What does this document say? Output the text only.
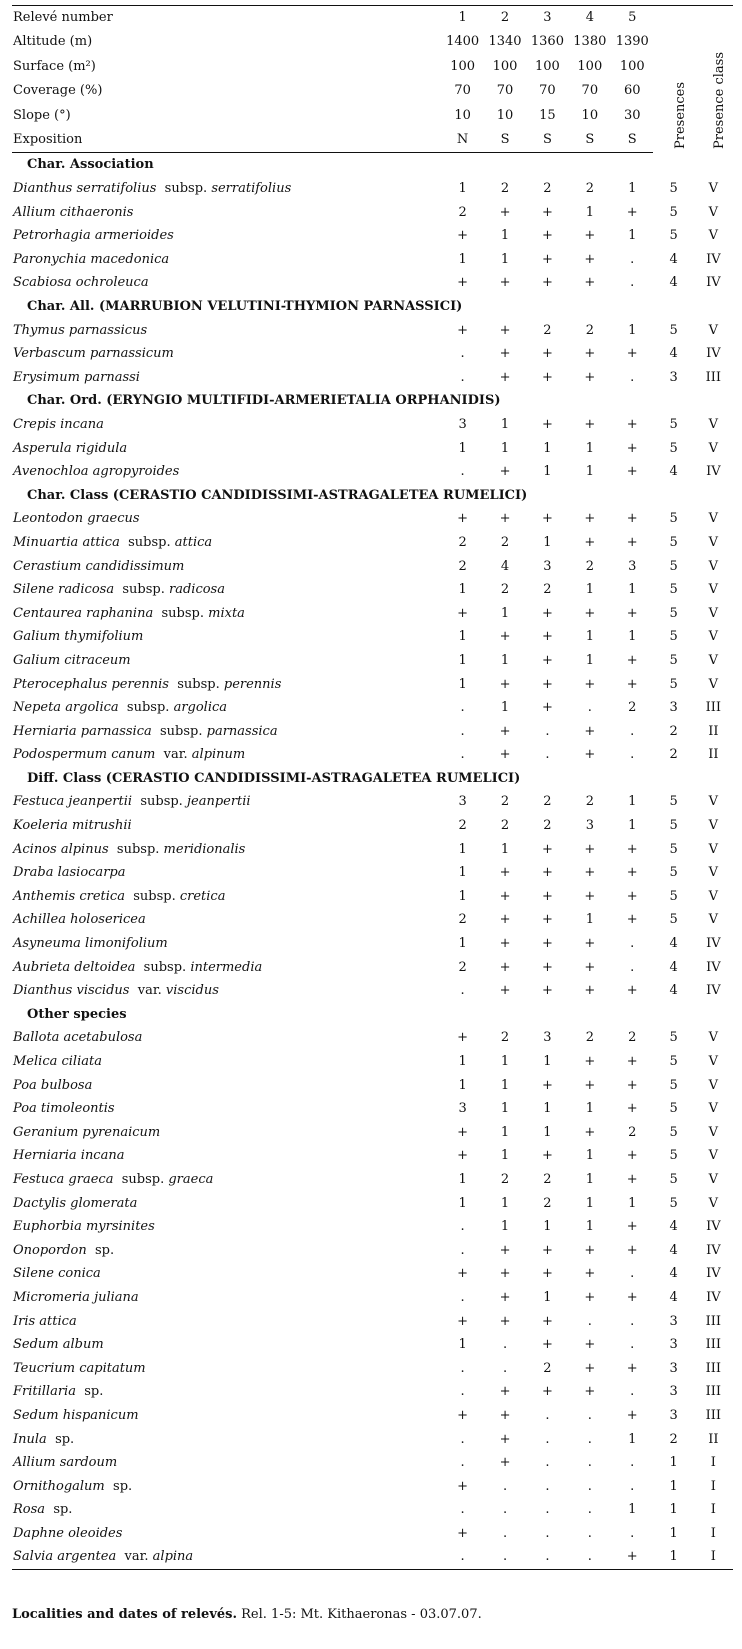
Relevé number	1	2	3	4	5	Presences	Presence class

Altitude (m)	1400	1340	1360	1380	1390		
Surface (m²)	100	100	100	100	100		
Coverage (%)	70	70	70	70	60		
Slope (°)	10	10	15	10	30		
Exposition	N	S	S	S	S		
Char. Association							
Dianthus serratifolius subsp. serratifolius	1	2	2	2	1	5	V
Allium cithaeronis	2	+	+	1	+	5	V
Petrorhagia armerioides	+	1	+	+	1	5	V
Paronychia macedonica	1	1	+	+	.	4	IV
Scabiosa ochroleuca	+	+	+	+	.	4	IV
Char. All. (MARRUBION VELUTINI-THYMION PARNASSICI)							
Thymus parnassicus	+	+	2	2	1	5	V
Verbascum parnassicum	.	+	+	+	+	4	IV
Erysimum parnassi	.	+	+	+	.	3	III
Char. Ord. (ERYNGIO MULTIFIDI-ARMERIETALIA ORPHANIDIS)							
Crepis incana	3	1	+	+	+	5	V
Asperula rigidula	1	1	1	1	+	5	V
Avenochloa agropyroides	.	+	1	1	+	4	IV
Char. Class (CERASTIO CANDIDISSIMI-ASTRAGALETEA RUMELICI)							
Leontodon graecus	+	+	+	+	+	5	V
Minuartia attica subsp. attica	2	2	1	+	+	5	V
Cerastium candidissimum	2	4	3	2	3	5	V
Silene radicosa subsp. radicosa	1	2	2	1	1	5	V
Centaurea raphanina subsp. mixta	+	1	+	+	+	5	V
Galium thymifolium	1	+	+	1	1	5	V
Galium citraceum	1	1	+	1	+	5	V
Pterocephalus perennis subsp. perennis	1	+	+	+	+	5	V
Nepeta argolica subsp. argolica	.	1	+	.	2	3	III
Herniaria parnassica subsp. parnassica	.	+	.	+	.	2	II
Podospermum canum var. alpinum	.	+	.	+	.	2	II
Diff. Class (CERASTIO CANDIDISSIMI-ASTRAGALETEA RUMELICI)							
Festuca jeanpertii subsp. jeanpertii	3	2	2	2	1	5	V
Koeleria mitrushii	2	2	2	3	1	5	V
Acinos alpinus subsp. meridionalis	1	1	+	+	+	5	V
Draba lasiocarpa	1	+	+	+	+	5	V
Anthemis cretica subsp. cretica	1	+	+	+	+	5	V
Achillea holosericea	2	+	+	1	+	5	V
Asyneuma limonifolium	1	+	+	+	.	4	IV
Aubrieta deltoidea subsp. intermedia	2	+	+	+	.	4	IV
Dianthus viscidus var. viscidus	.	+	+	+	+	4	IV
Other species							
Ballota acetabulosa	+	2	3	2	2	5	V
Melica ciliata	1	1	1	+	+	5	V
Poa bulbosa	1	1	+	+	+	5	V
Poa timoleontis	3	1	1	1	+	5	V
Geranium pyrenaicum	+	1	1	+	2	5	V
Herniaria incana	+	1	+	1	+	5	V
Festuca graeca subsp. graeca	1	2	2	1	+	5	V
Dactylis glomerata	1	1	2	1	1	5	V
Euphorbia myrsinites	.	1	1	1	+	4	IV
Onopordon sp.	.	+	+	+	+	4	IV
Silene conica	+	+	+	+	.	4	IV
Micromeria juliana	.	+	1	+	+	4	IV
Iris attica	+	+	+	.	.	3	III
Sedum album	1	.	+	+	.	3	III
Teucrium capitatum	.	.	2	+	+	3	III
Fritillaria sp.	.	+	+	+	.	3	III
Sedum hispanicum	+	+	.	.	+	3	III
Inula sp.	.	+	.	.	1	2	II
Allium sardoum	.	+	.	.	.	1	I
Ornithogalum sp.	+	.	.	.	.	1	I
Rosa sp.	.	.	.	.	1	1	I
Daphne oleoides	+	.	.	.	.	1	I
Salvia argentea var. alpina	.	.	.	.	+	1	I
Localities and dates of relevés. Rel. 1-5: Mt. Kithaeronas - 03.07.07.
